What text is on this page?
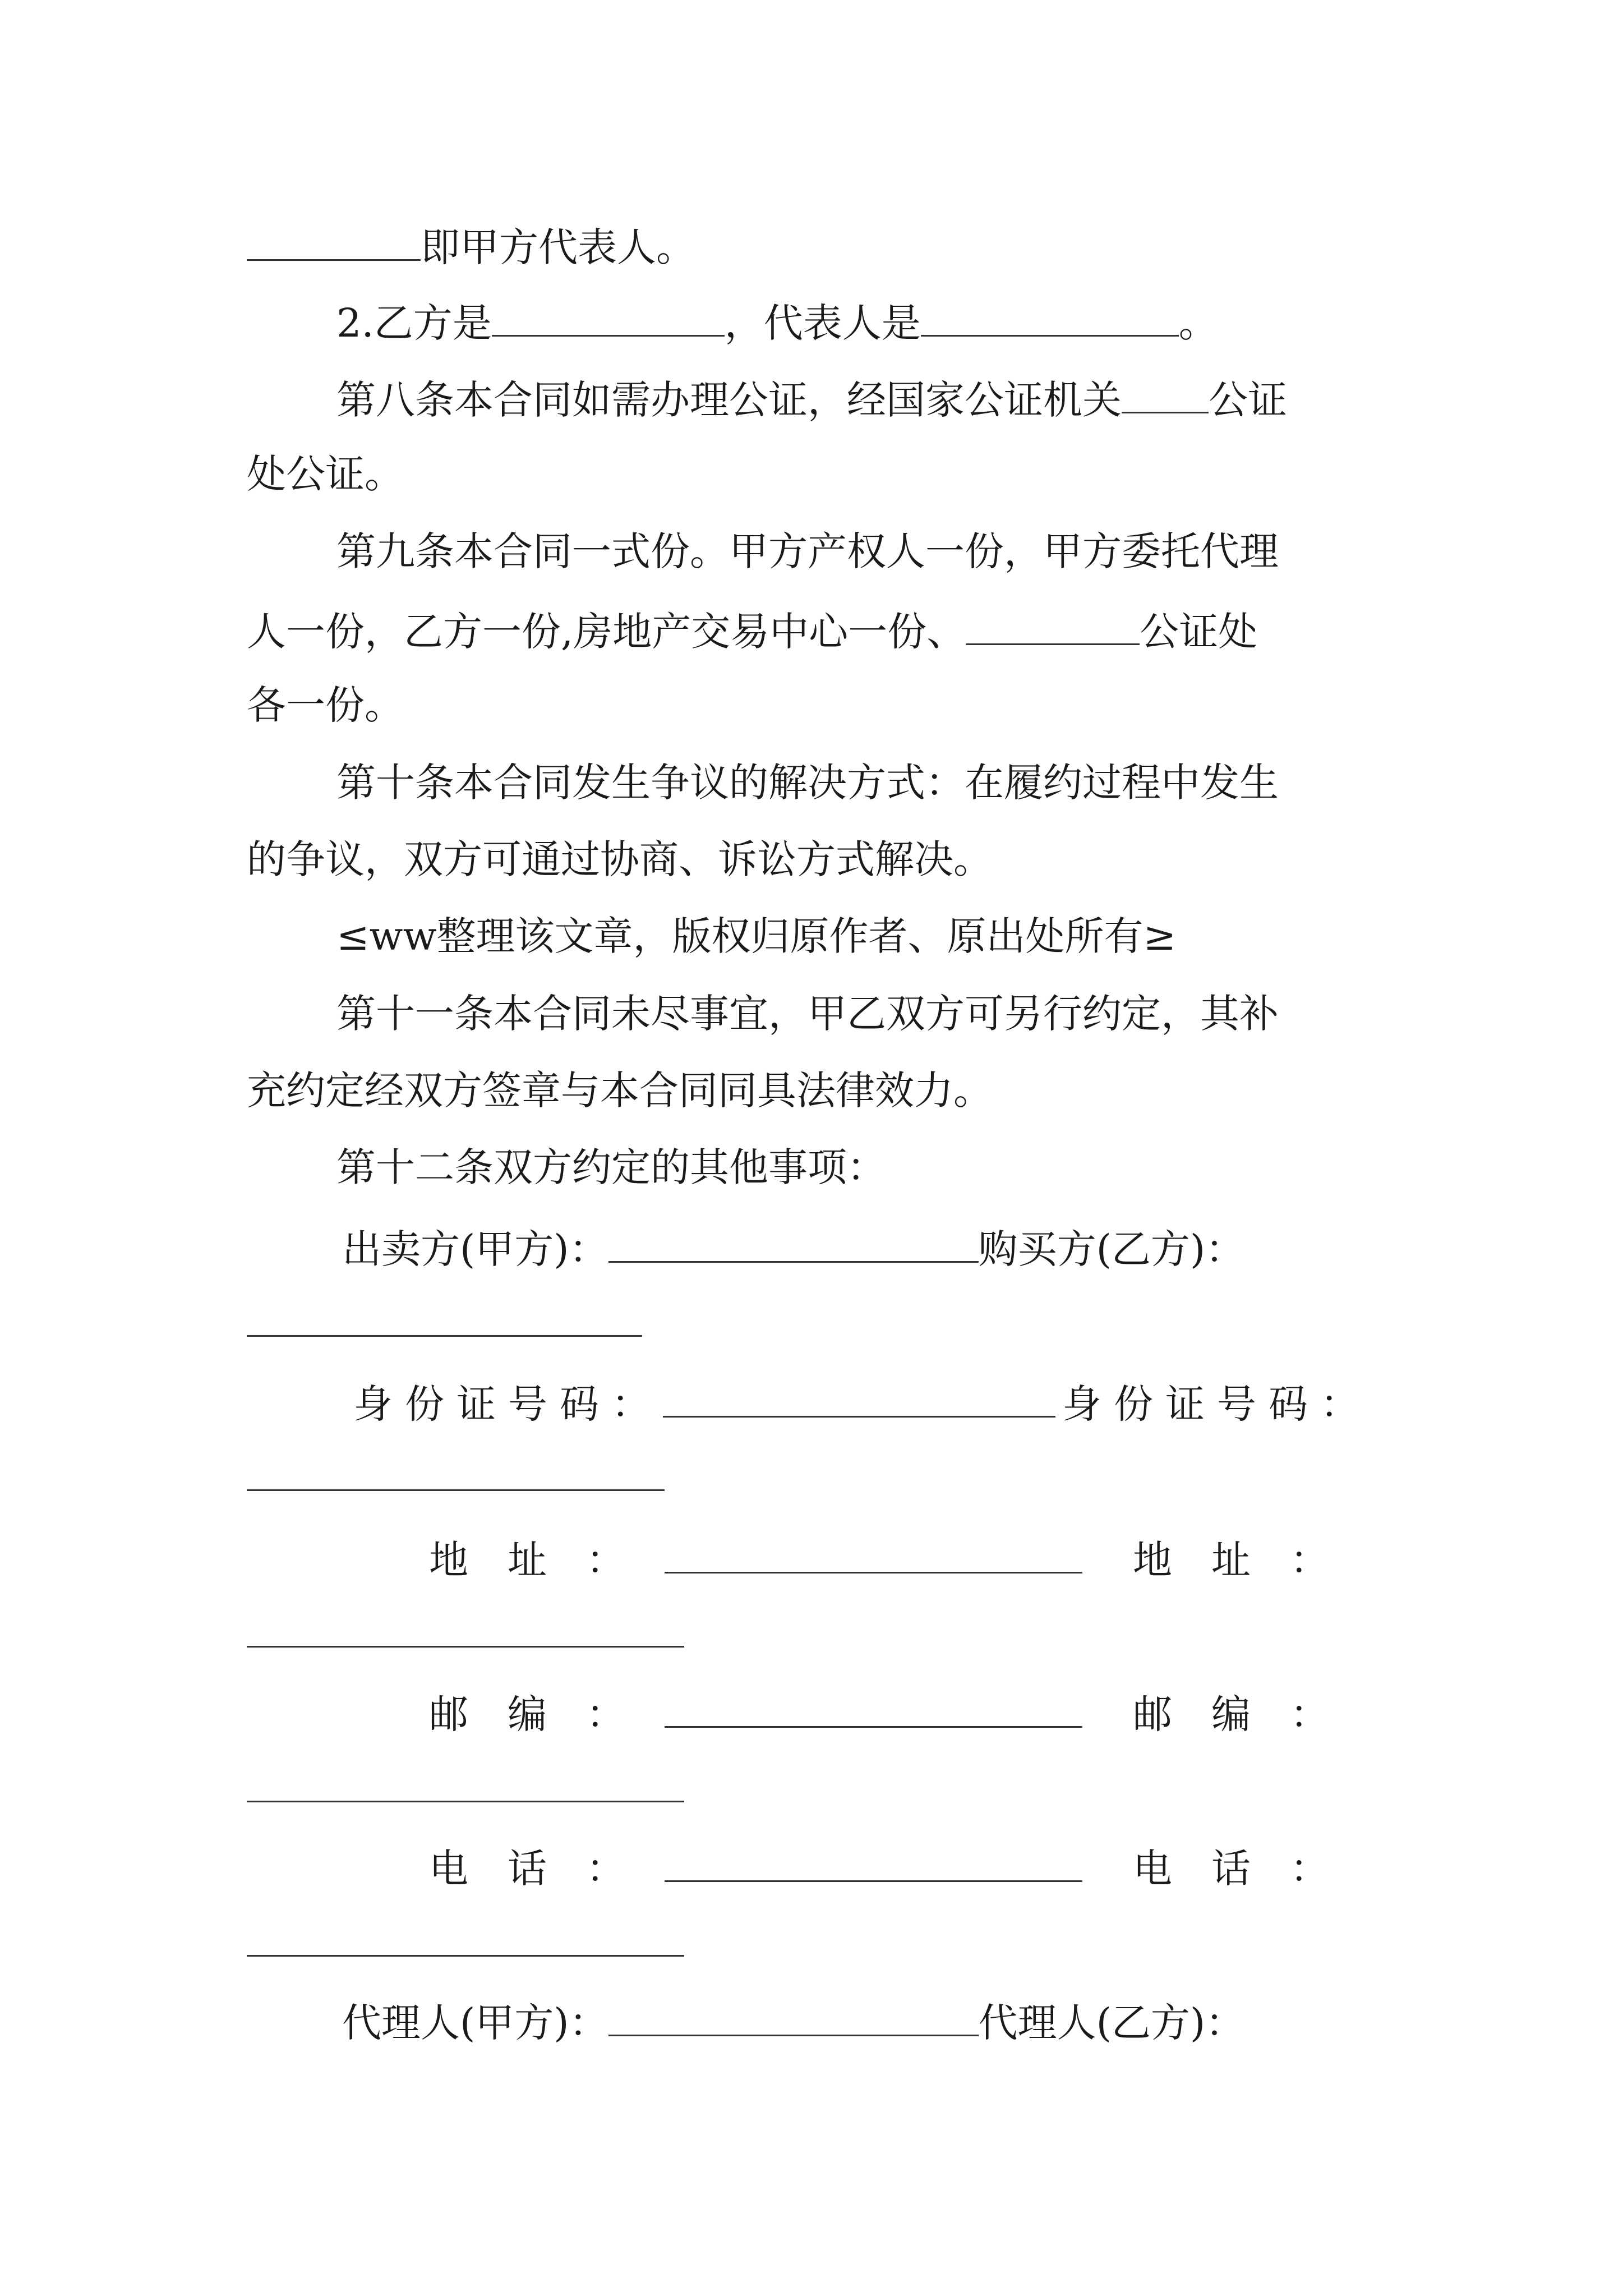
即甲方代表人。
2.乙方是	，代表人是	。
第八条本合同如需办理公证，经国家公证机关 公证
处公证。
第九条本合同一式份。甲方产权人一份，甲方委托代理
人一份，乙方一份,房地产交易中心一份、	公证处
各一份。
第十条本合同发生争议的解决方式：在履约过程中发生
的争议，双方可通过协商、诉讼方式解决。
≤ww整理该文章，版权归原作者、原出处所有≥
第十一条本合同未尽事宜，甲乙双方可另行约定，其补
充约定经双方签章与本合同同具法律效力。
第十二条双方约定的其他事项：
出卖方(甲方)：	购买方(乙方)：
身份证号码：	身份证号码：
地址：	地址：
邮编：	邮编：
电话：	电话：
代理人(甲方)：	代理人(乙方)：
